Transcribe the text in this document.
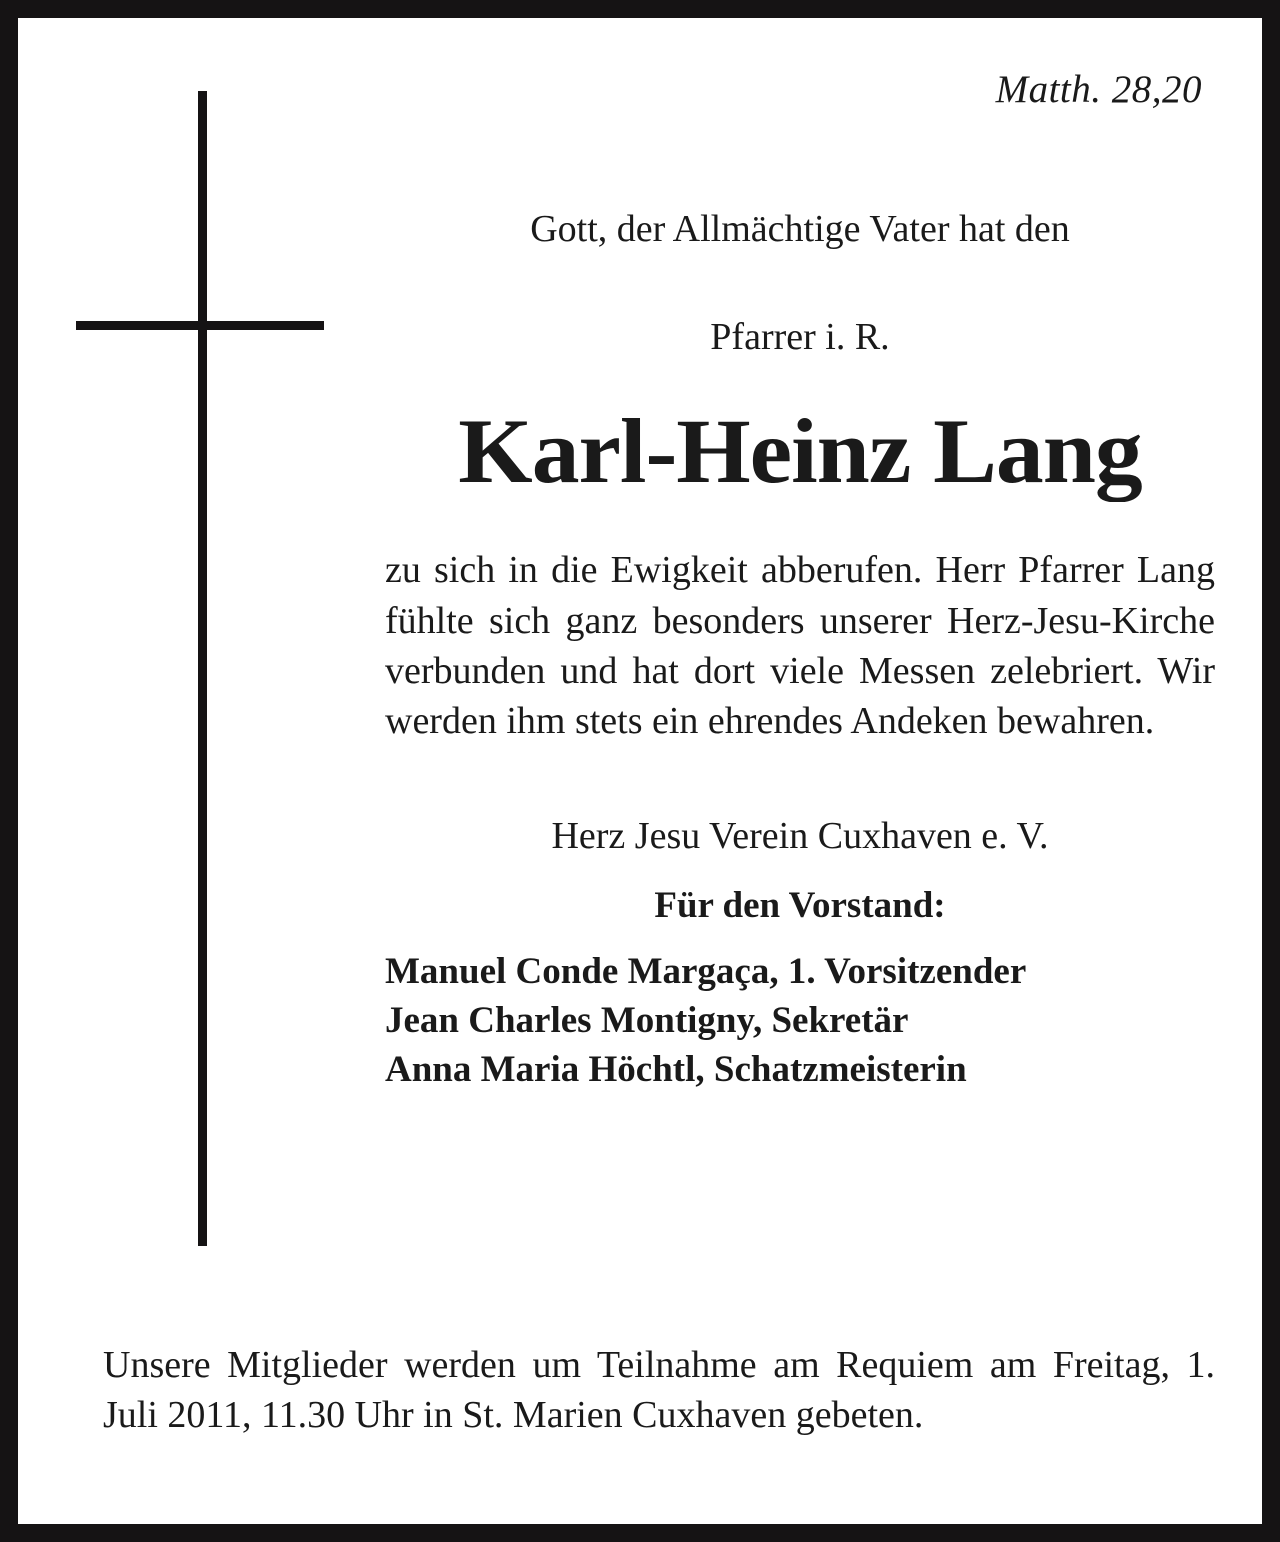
Matth. 28,20
Gott, der Allmächtige Vater hat den
Pfarrer i. R.
Karl-Heinz Lang
zu sich in die Ewigkeit abberufen. Herr Pfarrer Lang fühlte sich ganz besonders unserer Herz-Jesu-Kirche verbunden und hat dort viele Messen zelebriert. Wir werden ihm stets ein ehrendes Andeken bewahren.
Herz Jesu Verein Cuxhaven e. V.
Für den Vorstand:
Manuel Conde Margaça, 1. Vorsitzender
Jean Charles Montigny, Sekretär
Anna Maria Höchtl, Schatzmeisterin
Unsere Mitglieder werden um Teilnahme am Requiem am Freitag, 1. Juli 2011, 11.30 Uhr in St. Marien Cuxhaven gebeten.
